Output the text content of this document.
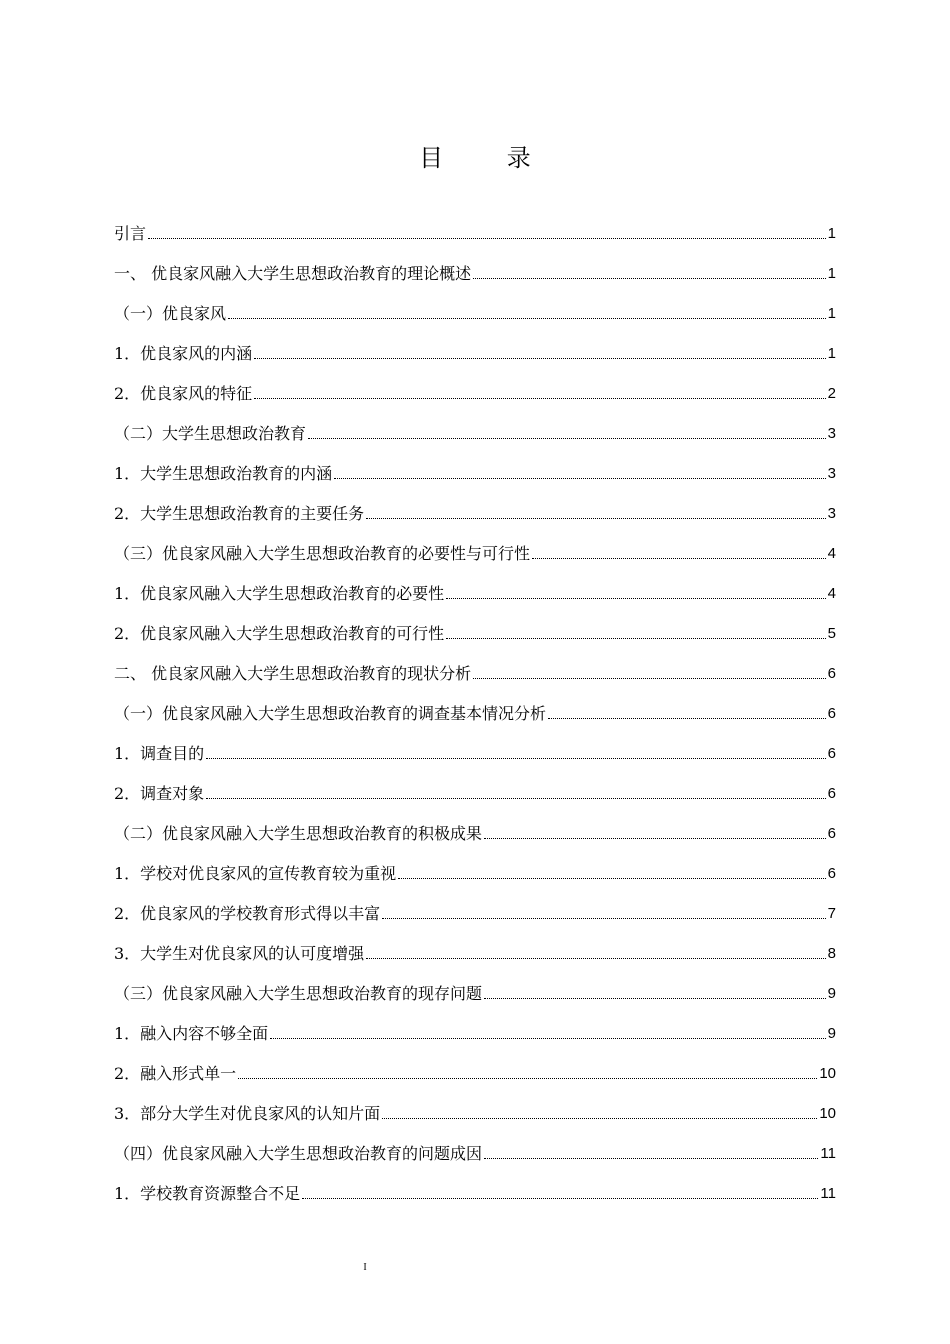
目 录
引言	1
一、 优良家风融入大学生思想政治教育的理论概述	1
（一）优良家风	1
1．优良家风的内涵	1
2．优良家风的特征	2
（二）大学生思想政治教育	3
1．大学生思想政治教育的内涵	3
2．大学生思想政治教育的主要任务	3
（三）优良家风融入大学生思想政治教育的必要性与可行性	4
1．优良家风融入大学生思想政治教育的必要性	4
2．优良家风融入大学生思想政治教育的可行性	5
二、 优良家风融入大学生思想政治教育的现状分析	6
（一）优良家风融入大学生思想政治教育的调查基本情况分析	6
1．调查目的	6
2．调查对象	6
（二）优良家风融入大学生思想政治教育的积极成果	6
1．学校对优良家风的宣传教育较为重视	6
2．优良家风的学校教育形式得以丰富	7
3．大学生对优良家风的认可度增强	8
（三）优良家风融入大学生思想政治教育的现存问题	9
1．融入内容不够全面	9
2．融入形式单一	10
3．部分大学生对优良家风的认知片面	10
（四）优良家风融入大学生思想政治教育的问题成因	11
1．学校教育资源整合不足	11
I
